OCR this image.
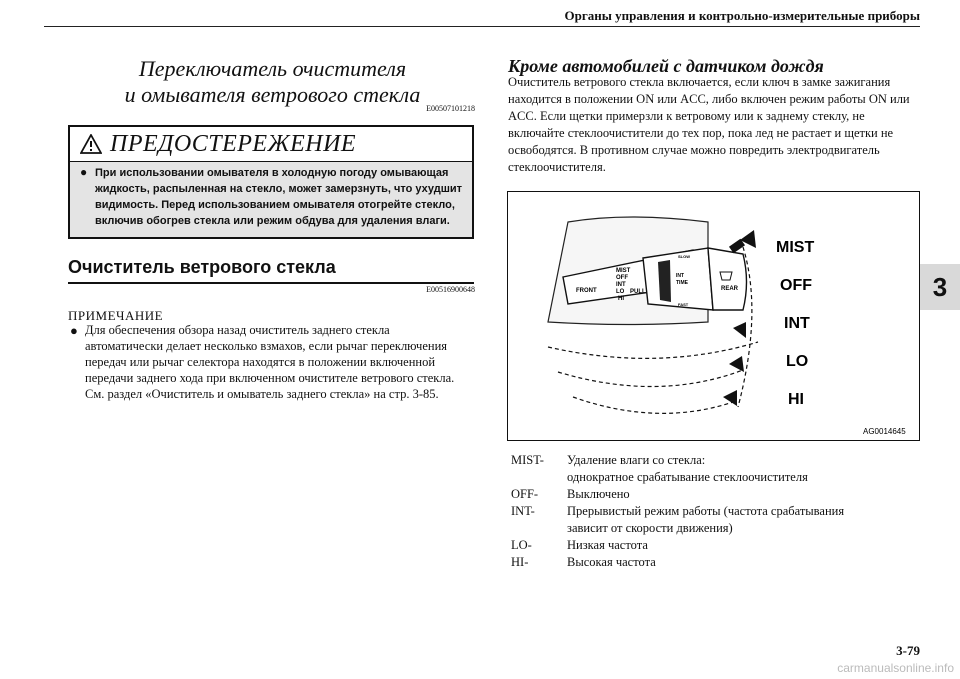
Органы управления и контрольно-измерительные приборы
3
Переключатель очистителя
и омывателя ветрового стекла
E00507101218
ПРЕДОСТЕРЕЖЕНИЕ
● При использовании омывателя в холодную погоду омывающая жидкость, распыленная на стекло, может замерзнуть, что ухудшит видимость. Перед использованием омывателя отогрейте стекло, включив обогрев стекла или режим обдува для удаления влаги.
Очиститель ветрового стекла
E00516900648
ПРИМЕЧАНИЕ
● Для обеспечения обзора назад очиститель заднего стекла автоматически делает несколько взмахов, если рычаг переключения передач или рычаг селектора находятся в положении включенной передачи заднего хода при включенном очистителе ветрового стекла. См. раздел «Очиститель и омыватель заднего стекла» на стр. 3-85.
Кроме автомобилей с датчиком дождя
Очиститель ветрового стекла включается, если ключ в замке зажигания находится в положении ON или ACC, либо включен режим работы ON или ACC. Если щетки примерзли к ветровому или к заднему стеклу, не включайте стеклоочистители до тех пор, пока лед не растает и щетки не освободятся. В противном случае можно повредить электродвигатель стеклоочистителя.
FRONT
MIST
OFF
INT
LO PULL
HI
INT
TIME
SLOW
FAST
REAR
MIST
OFF
INT
LO
HI
AG0014645
MIST-	Удаление влаги со стекла:
однократное срабатывание стеклоочистителя
OFF-	Выключено
INT-	Прерывистый режим работы (частота срабатывания
зависит от скорости движения)
LO-	Низкая частота
HI-	Высокая частота
3-79
carmanualsonline.info
